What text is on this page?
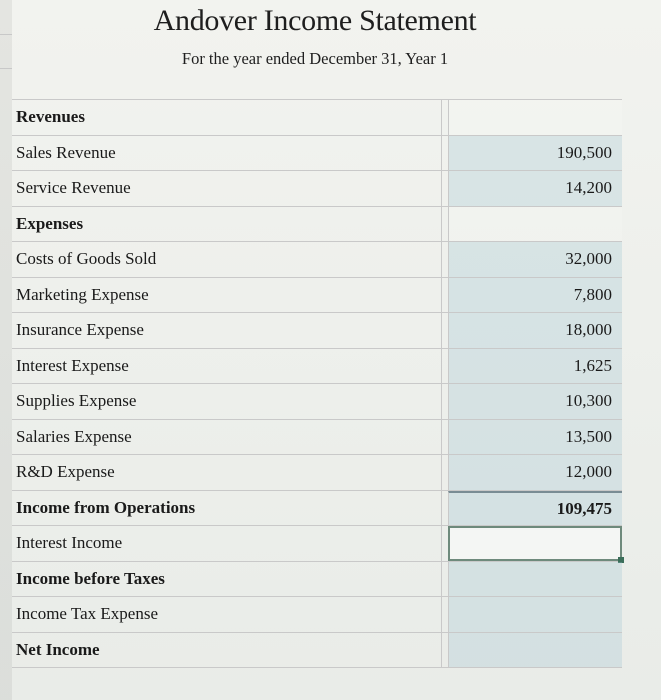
Andover Income Statement
For the year ended December 31, Year 1
Revenues
Sales Revenue	190,500
Service Revenue	14,200
Expenses
Costs of Goods Sold	32,000
Marketing Expense	7,800
Insurance Expense	18,000
Interest Expense	1,625
Supplies Expense	10,300
Salaries Expense	13,500
R&D Expense	12,000
Income from Operations	109,475
Interest Income
Income before Taxes
Income Tax Expense
Net Income
